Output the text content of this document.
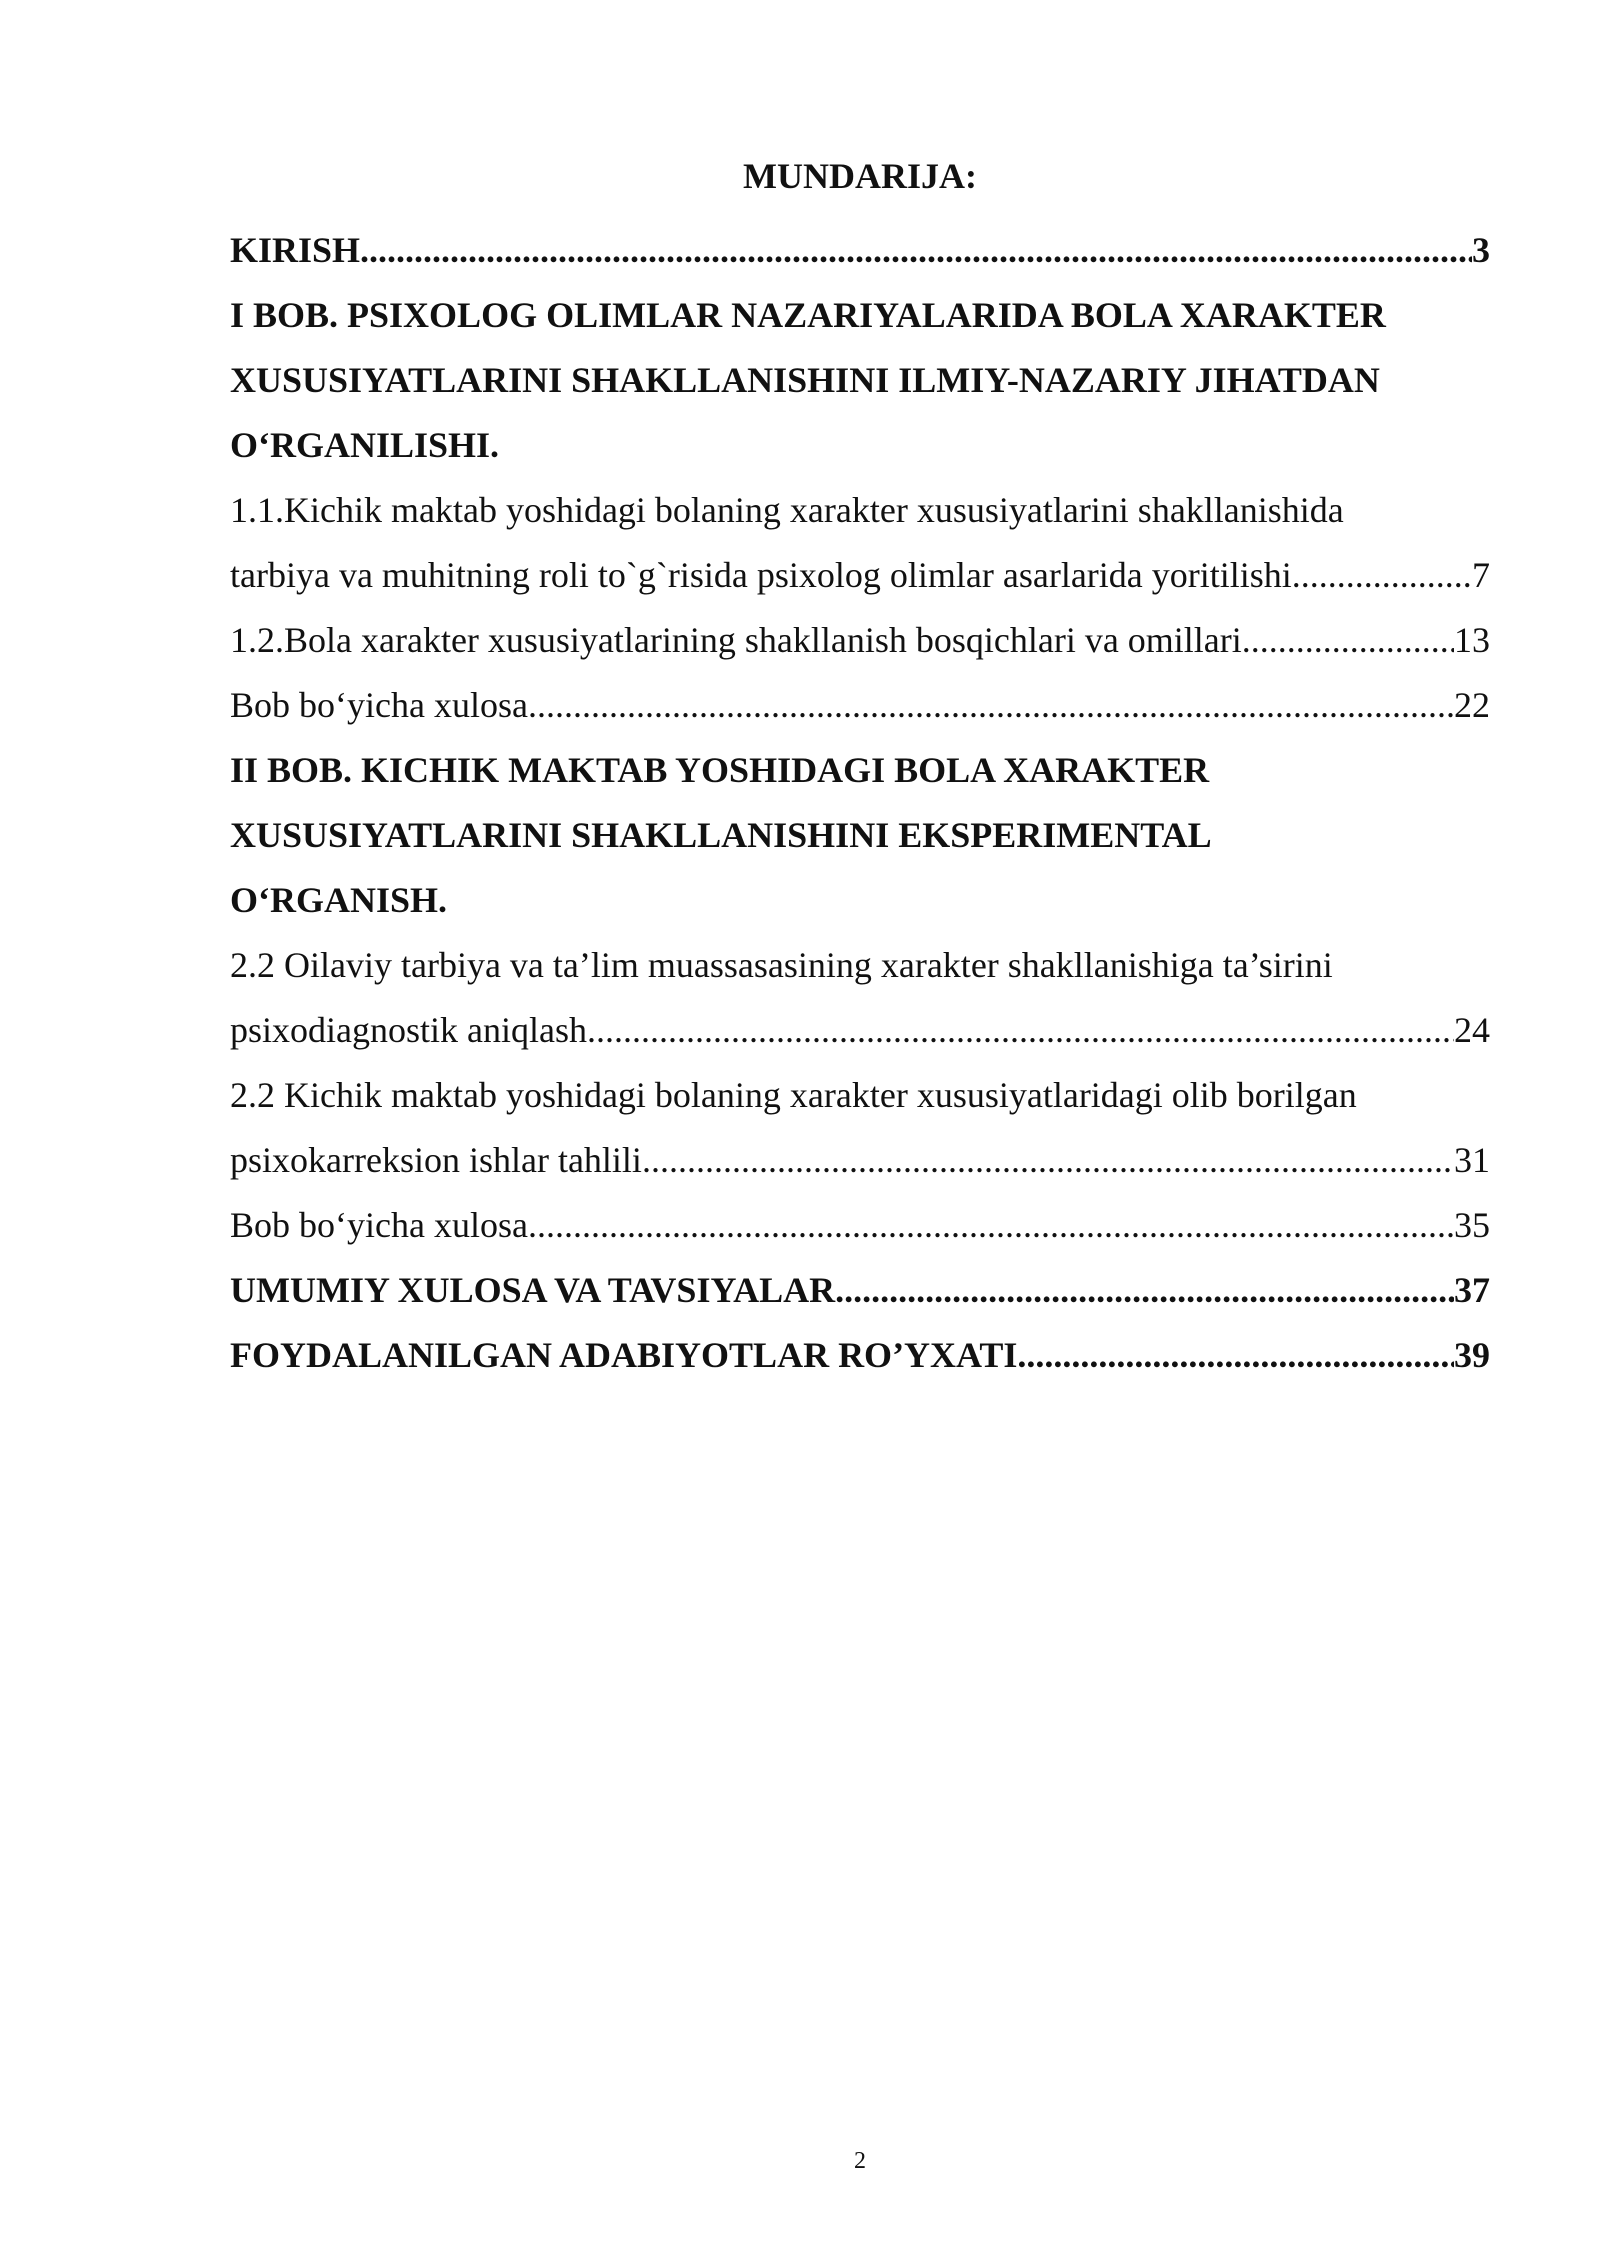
MUNDARIJA:
KIRISH .....	3
I BOB. PSIXOLOG OLIMLAR NAZARIYALARIDA BOLA XARAKTER
XUSUSIYATLARINI SHAKLLANISHINI ILMIY-NAZARIY JIHATDAN
O‘RGANILISHI.
1.1.Kichik maktab yoshidagi bolaning xarakter xususiyatlarini shakllanishida
tarbiya va muhitning roli to`g`risida psixolog olimlar asarlarida yoritilishi .....	7
1.2.Bola xarakter xususiyatlarining shakllanish bosqichlari va omillari .....	13
Bob bo‘yicha xulosa .....	22
II BOB. KICHIK MAKTAB YOSHIDAGI BOLA XARAKTER
XUSUSIYATLARINI SHAKLLANISHINI EKSPERIMENTAL
O‘RGANISH.
2.2 Oilaviy tarbiya va ta’lim muassasasining xarakter shakllanishiga ta’sirini
psixodiagnostik aniqlash .....	24
2.2 Kichik maktab yoshidagi bolaning xarakter xususiyatlaridagi olib borilgan
psixokarreksion ishlar tahlili .....	31
Bob bo‘yicha xulosa .....	35
UMUMIY XULOSA VA TAVSIYALAR .....	37
FOYDALANILGAN ADABIYOTLAR RO’YXATI .....	39
2
